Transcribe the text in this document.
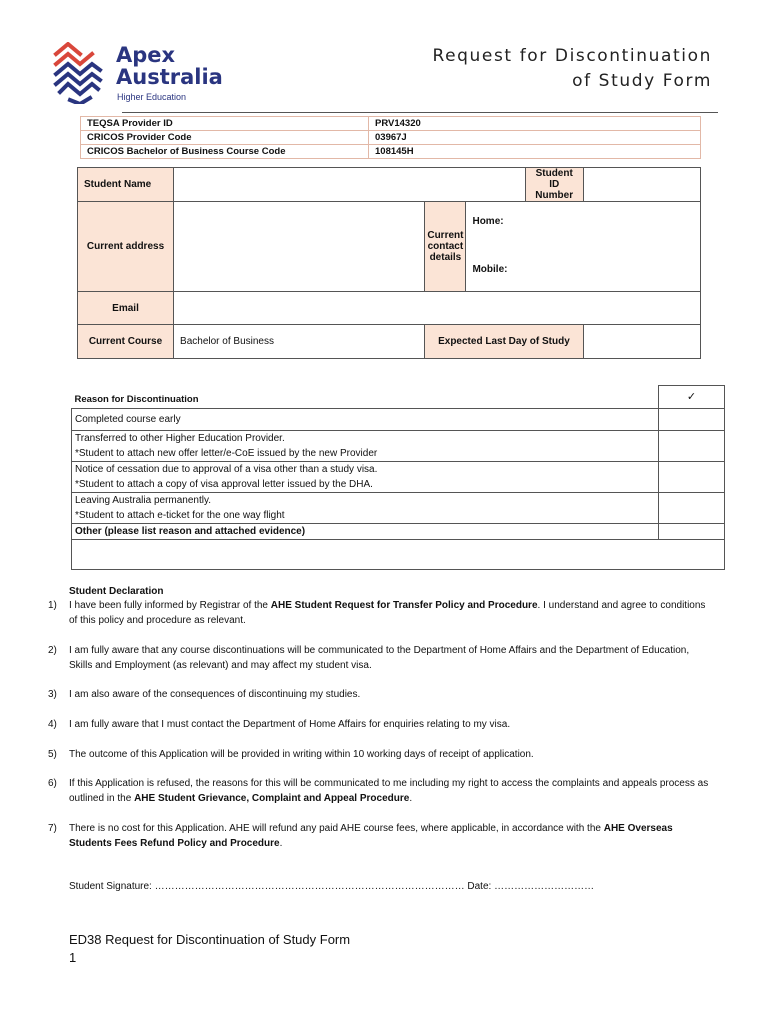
Apex
Australia
Higher Education
Request for Discontinuation
of Study Form
TEQSA Provider ID	PRV14320
CRICOS Provider Code	03967J
CRICOS Bachelor of Business Course Code	108145H
Student Name				Student ID Number	
Current address		Current contact details	Home:
Mobile:		

Email					
Current Course	Bachelor of Business	Expected Last Day of Study			
Reason for Discontinuation	✓

Completed course early	

Transferred to other Higher Education Provider.
*Student to attach new offer letter/e-CoE issued by the new Provider	

Notice of cessation due to approval of a visa other than a study visa.
*Student to attach a copy of visa approval letter issued by the DHA.	

Leaving Australia permanently.
*Student to attach e-ticket for the one way flight	

Other (please list reason and attached evidence)	

Student Declaration
1) I have been fully informed by Registrar of the AHE Student Request for Transfer Policy and Procedure. I understand and agree to conditions of this policy and procedure as relevant.
2) I am fully aware that any course discontinuations will be communicated to the Department of Home Affairs and the Department of Education, Skills and Employment (as relevant) and may affect my student visa.
3) I am also aware of the consequences of discontinuing my studies.
4) I am fully aware that I must contact the Department of Home Affairs for enquiries relating to my visa.
5) The outcome of this Application will be provided in writing within 10 working days of receipt of application.
6) If this Application is refused, the reasons for this will be communicated to me including my right to access the complaints and appeals process as outlined in the AHE Student Grievance, Complaint and Appeal Procedure.
7) There is no cost for this Application. AHE will refund any paid AHE course fees, where applicable, in accordance with the AHE Overseas Students Fees Refund Policy and Procedure.
Student Signature: ………………………………………………………………………………… Date: …………………………
ED38 Request for Discontinuation of Study Form
1
